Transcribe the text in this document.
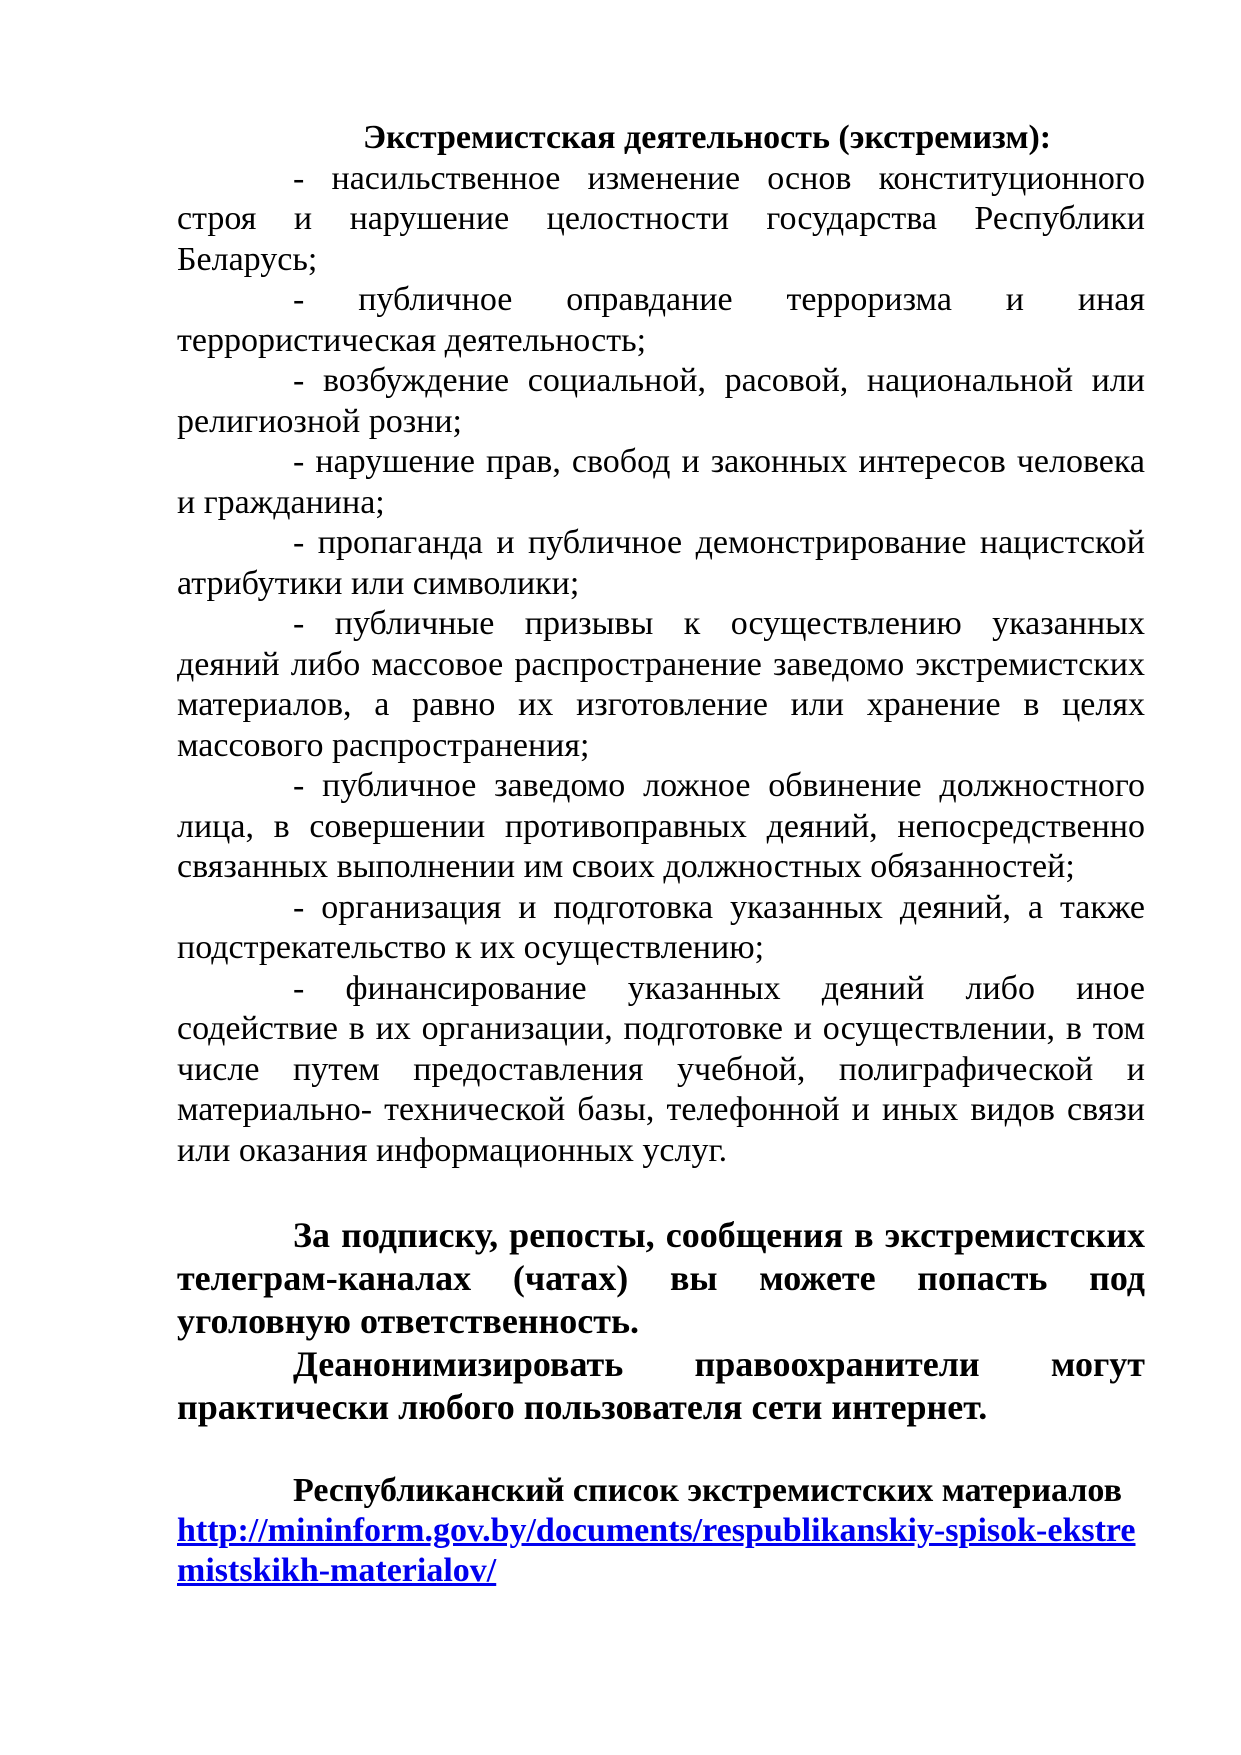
Экстремистская деятельность (экстремизм):

- насильственное изменение основ конституционного строя и нарушение целостности государства Республики Беларусь;

- публичное оправдание терроризма и иная террористическая деятельность;

- возбуждение социальной, расовой, национальной или религиозной розни;

- нарушение прав, свобод и законных интересов человека и гражданина;

- пропаганда и публичное демонстрирование нацистской атрибутики или символики;

- публичные призывы к осуществлению указанных деяний либо массовое распространение заведомо экстремистских материалов, а равно их изготовление или хранение в целях массового распространения;

- публичное заведомо ложное обвинение должностного лица, в совершении противоправных деяний, непосредственно связанных выполнении им своих должностных обязанностей;

- организация и подготовка указанных деяний, а также подстрекательство к их осуществлению;

- финансирование указанных деяний либо иное содействие в их организации, подготовке и осуществлении, в том числе путем предоставления учебной, полиграфической и материально- технической базы, телефонной и иных видов связи или оказания информационных услуг.

За подписку, репосты, сообщения в экстремистских телеграм-каналах (чатах) вы можете попасть под уголовную ответственность.

Деанонимизировать правоохранители могут практически любого пользователя сети интернет.

Республиканский список экстремистских материалов

http://mininform.gov.by/documents/respublikanskiy-spisok-ekstremistskikh-materialov/
